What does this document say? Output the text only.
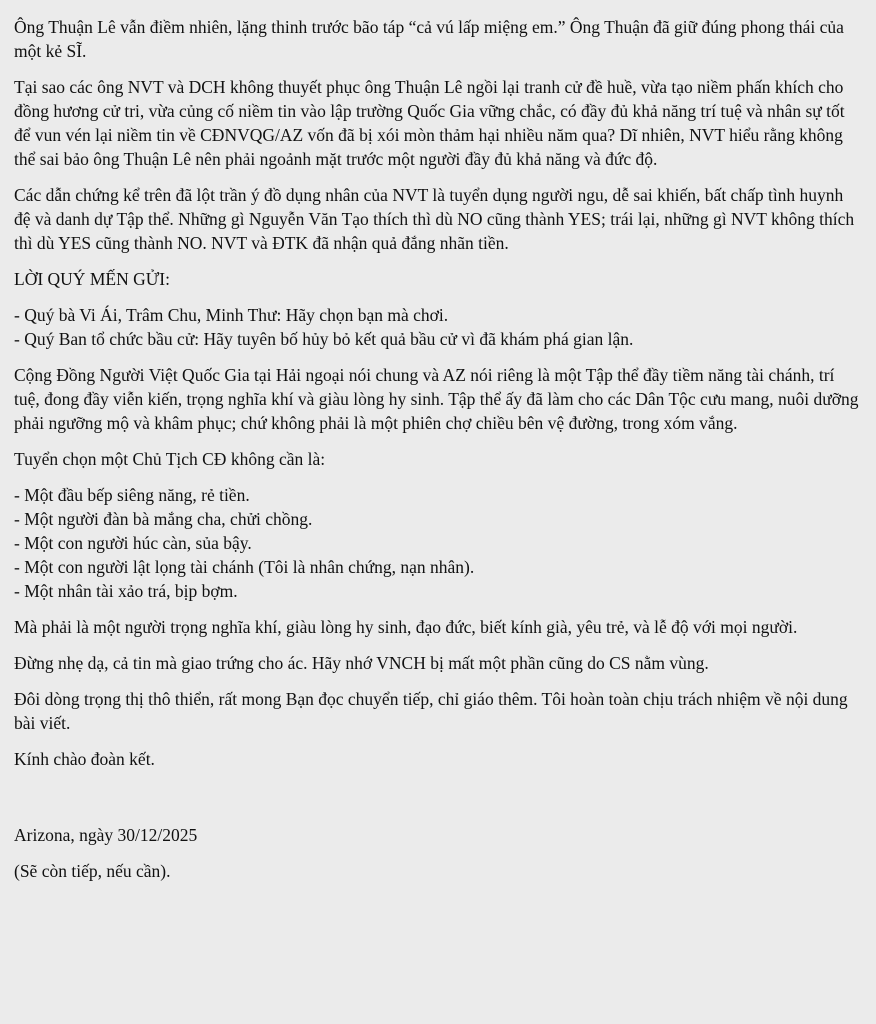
Ông Thuận Lê vẫn điềm nhiên, lặng thinh trước bão táp “cả vú lấp miệng em.” Ông Thuận đã giữ đúng phong thái của một kẻ SĨ.

Tại sao các ông NVT và DCH không thuyết phục ông Thuận Lê ngồi lại tranh cử đề huề, vừa tạo niềm phấn khích cho đồng hương cử tri, vừa củng cố niềm tin vào lập trường Quốc Gia vững chắc, có đầy đủ khả năng trí tuệ và nhân sự tốt để vun vén lại niềm tin về CĐNVQG/AZ vốn đã bị xói mòn thảm hại nhiều năm qua? Dĩ nhiên, NVT hiểu rằng không thể sai bảo ông Thuận Lê nên phải ngoảnh mặt trước một người đầy đủ khả năng và đức độ.

Các dẫn chứng kể trên đã lột trần ý đồ dụng nhân của NVT là tuyển dụng người ngu, dễ sai khiến, bất chấp tình huynh đệ và danh dự Tập thể. Những gì Nguyễn Văn Tạo thích thì dù NO cũng thành YES; trái lại, những gì NVT không thích thì dù YES cũng thành NO. NVT và ĐTK đã nhận quả đắng nhãn tiền.

LỜI QUÝ MẾN GỬI:

- Quý bà Vi Ái, Trâm Chu, Minh Thư: Hãy chọn bạn mà chơi.
- Quý Ban tổ chức bầu cử: Hãy tuyên bố hủy bỏ kết quả bầu cử vì đã khám phá gian lận.

Cộng Đồng Người Việt Quốc Gia tại Hải ngoại nói chung và AZ nói riêng là một Tập thể đầy tiềm năng tài chánh, trí tuệ, đong đầy viễn kiến, trọng nghĩa khí và giàu lòng hy sinh. Tập thể ấy đã làm cho các Dân Tộc cưu mang, nuôi dưỡng phải ngưỡng mộ và khâm phục; chứ không phải là một phiên chợ chiều bên vệ đường, trong xóm vắng.

Tuyển chọn một Chủ Tịch CĐ không cần là:

- Một đầu bếp siêng năng, rẻ tiền.
- Một người đàn bà mắng cha, chửi chồng.
- Một con người húc càn, sủa bậy.
- Một con người lật lọng tài chánh (Tôi là nhân chứng, nạn nhân).
- Một nhân tài xảo trá, bịp bợm.

Mà phải là một người trọng nghĩa khí, giàu lòng hy sinh, đạo đức, biết kính già, yêu trẻ, và lễ độ với mọi người.

Đừng nhẹ dạ, cả tin mà giao trứng cho ác. Hãy nhớ VNCH bị mất một phần cũng do CS nằm vùng.

Đôi dòng trọng thị thô thiển, rất mong Bạn đọc chuyển tiếp, chỉ giáo thêm. Tôi hoàn toàn chịu trách nhiệm về nội dung bài viết.

Kính chào đoàn kết.

Arizona, ngày 30/12/2025

(Sẽ còn tiếp, nếu cần).
